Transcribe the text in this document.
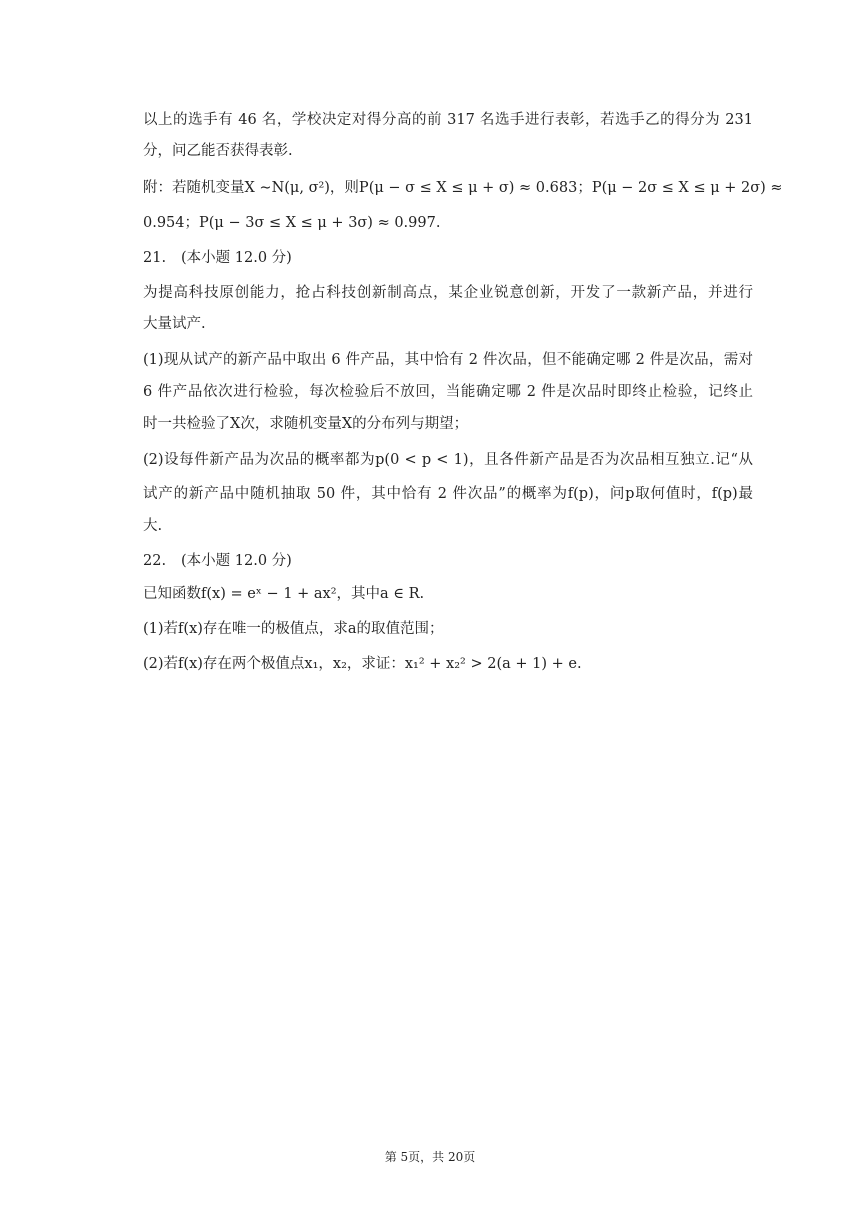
以上的选手有 46 名，学校决定对得分高的前 317 名选手进行表彰，若选手乙的得分为 231
分，问乙能否获得表彰.
附：若随机变量X ∼N(μ, σ²)，则P(μ − σ ≤ X ≤ μ + σ) ≈ 0.683；P(μ − 2σ ≤ X ≤ μ + 2σ) ≈
0.954；P(μ − 3σ ≤ X ≤ μ + 3σ) ≈ 0.997.
21. (本小题 12.0 分)
为提高科技原创能力，抢占科技创新制高点，某企业锐意创新，开发了一款新产品，并进行
大量试产.
(1)现从试产的新产品中取出 6 件产品，其中恰有 2 件次品，但不能确定哪 2 件是次品，需对
6 件产品依次进行检验，每次检验后不放回，当能确定哪 2 件是次品时即终止检验，记终止
时一共检验了X次，求随机变量X的分布列与期望；
(2)设每件新产品为次品的概率都为p(0 < p < 1)，且各件新产品是否为次品相互独立.记“从
试产的新产品中随机抽取 50 件，其中恰有 2 件次品”的概率为f(p)，问p取何值时，f(p)最
大.
22. (本小题 12.0 分)
已知函数f(x) = eˣ − 1 + ax²，其中a ∈ R.
(1)若f(x)存在唯一的极值点，求a的取值范围；
(2)若f(x)存在两个极值点x₁，x₂，求证：x₁² + x₂² > 2(a + 1) + e.
第 5页，共 20页
